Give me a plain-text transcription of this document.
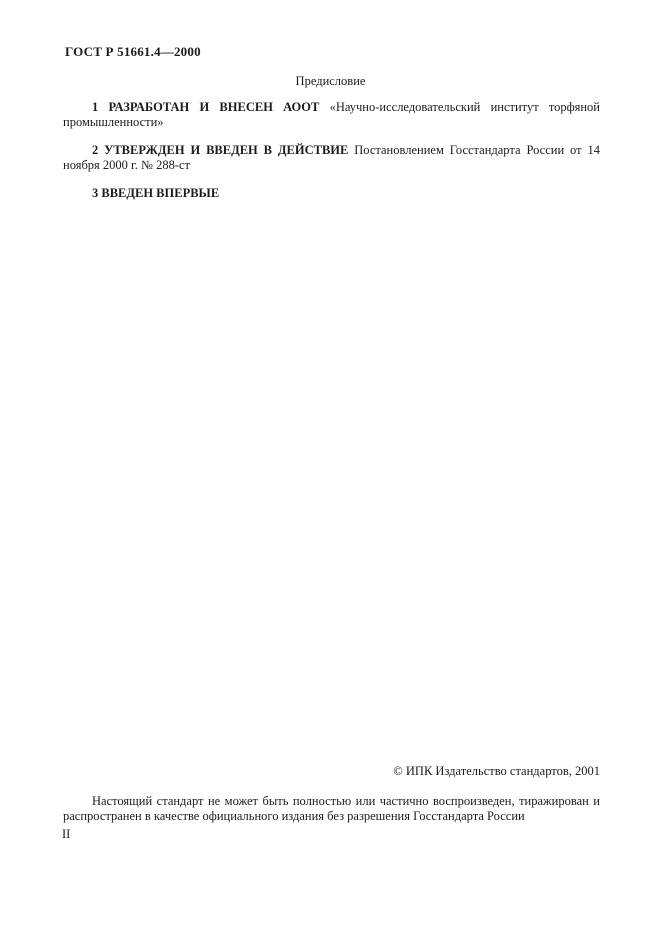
ГОСТ Р 51661.4—2000
Предисловие

1 РАЗРАБОТАН И ВНЕСЕН АООТ «Научно-исследовательский институт торфяной промышленности»

2 УТВЕРЖДЕН И ВВЕДЕН В ДЕЙСТВИЕ Постановлением Госстандарта России от 14 ноября 2000 г. № 288-ст

3 ВВЕДЕН ВПЕРВЫЕ

© ИПК Издательство стандартов, 2001

Настоящий стандарт не может быть полностью или частично воспроизведен, тиражирован и распространен в качестве официального издания без разрешения Госстандарта России

II
